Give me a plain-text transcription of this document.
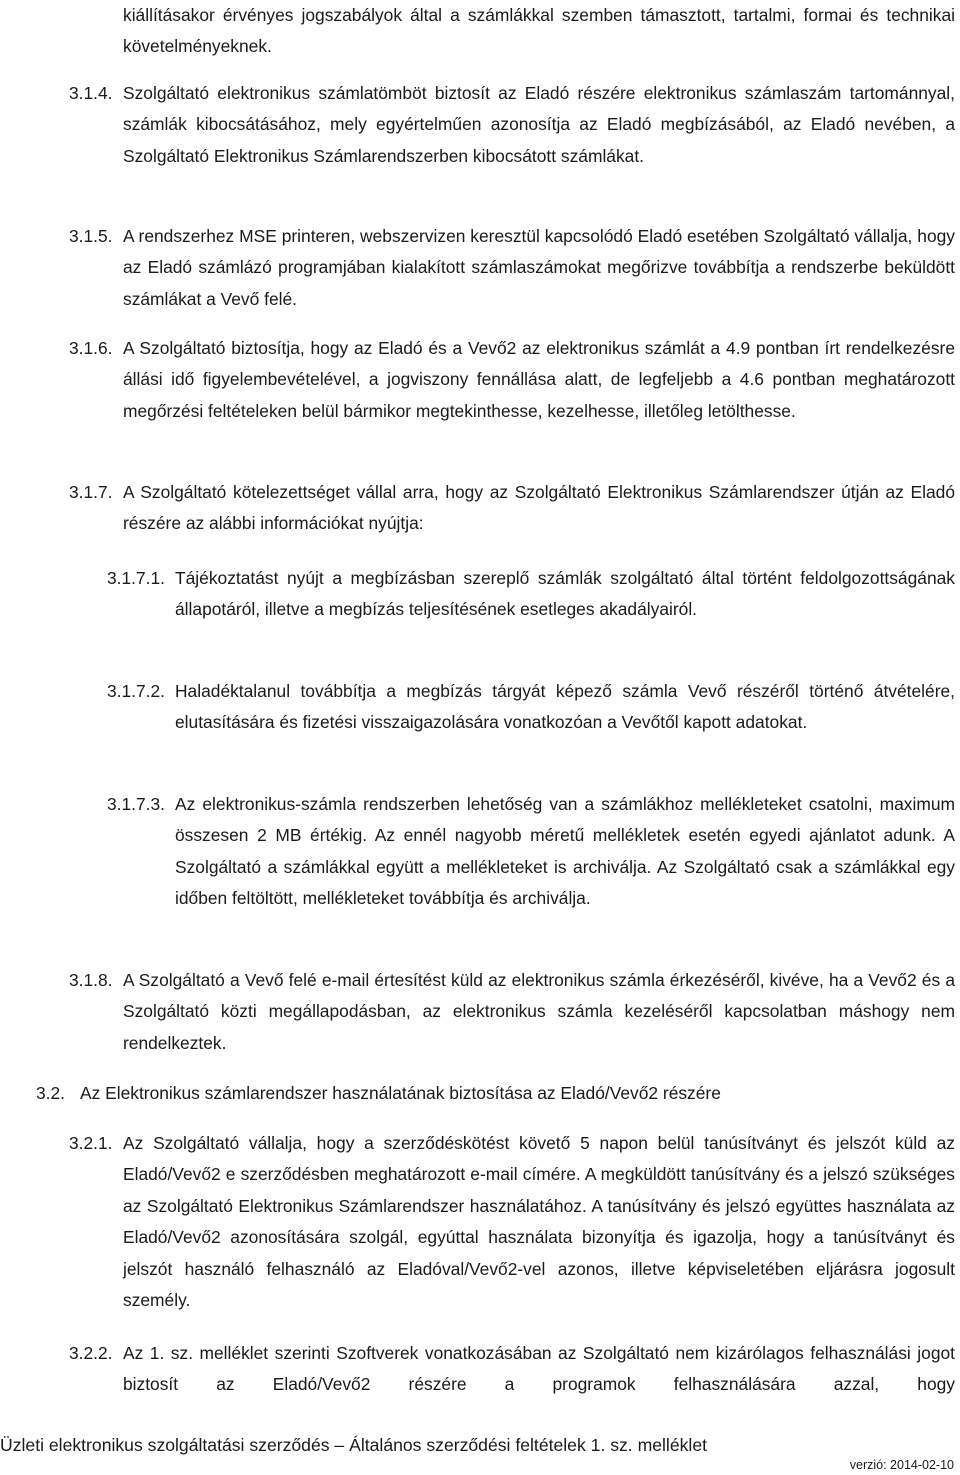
kiállításakor érvényes jogszabályok által a számlákkal szemben támasztott, tartalmi, formai és technikai követelményeknek.
3.1.4. Szolgáltató elektronikus számlatömböt biztosít az Eladó részére elektronikus számlaszám tartománnyal, számlák kibocsátásához, mely egyértelműen azonosítja az Eladó megbízásából, az Eladó nevében, a Szolgáltató Elektronikus Számlarendszerben kibocsátott számlákat.
3.1.5. A rendszerhez MSE printeren, webszervizen keresztül kapcsolódó Eladó esetében Szolgáltató vállalja, hogy az Eladó számlázó programjában kialakított számlaszámokat megőrizve továbbítja a rendszerbe beküldött számlákat a Vevő felé.
3.1.6. A Szolgáltató biztosítja, hogy az Eladó és a Vevő2 az elektronikus számlát a 4.9 pontban írt rendelkezésre állási idő figyelembevételével, a jogviszony fennállása alatt, de legfeljebb a 4.6 pontban meghatározott megőrzési feltételeken belül bármikor megtekinthesse, kezelhesse, illetőleg letölthesse.
3.1.7. A Szolgáltató kötelezettséget vállal arra, hogy az Szolgáltató Elektronikus Számlarendszer útján az Eladó részére az alábbi információkat nyújtja:
3.1.7.1. Tájékoztatást nyújt a megbízásban szereplő számlák szolgáltató által történt feldolgozottságának állapotáról, illetve a megbízás teljesítésének esetleges akadályairól.
3.1.7.2. Haladéktalanul továbbítja a megbízás tárgyát képező számla Vevő részéről történő átvételére, elutasítására és fizetési visszaigazolására vonatkozóan a Vevőtől kapott adatokat.
3.1.7.3. Az elektronikus-számla rendszerben lehetőség van a számlákhoz mellékleteket csatolni, maximum összesen 2 MB értékig. Az ennél nagyobb méretű mellékletek esetén egyedi ajánlatot adunk. A Szolgáltató a számlákkal együtt a mellékleteket is archiválja. Az Szolgáltató csak a számlákkal egy időben feltöltött, mellékleteket továbbítja és archiválja.
3.1.8. A Szolgáltató a Vevő felé e-mail értesítést küld az elektronikus számla érkezéséről, kivéve, ha a Vevő2 és a Szolgáltató közti megállapodásban, az elektronikus számla kezeléséről kapcsolatban máshogy nem rendelkeztek.
3.2. Az Elektronikus számlarendszer használatának biztosítása az Eladó/Vevő2 részére
3.2.1. Az Szolgáltató vállalja, hogy a szerződéskötést követő 5 napon belül tanúsítványt és jelszót küld az Eladó/Vevő2 e szerződésben meghatározott e-mail címére. A megküldött tanúsítvány és a jelszó szükséges az Szolgáltató Elektronikus Számlarendszer használatához. A tanúsítvány és jelszó együttes használata az Eladó/Vevő2 azonosítására szolgál, egyúttal használata bizonyítja és igazolja, hogy a tanúsítványt és jelszót használó felhasználó az Eladóval/Vevő2-vel azonos, illetve képviseletében eljárásra jogosult személy.
3.2.2. Az 1. sz. melléklet szerinti Szoftverek vonatkozásában az Szolgáltató nem kizárólagos felhasználási jogot biztosít az Eladó/Vevő2 részére a programok felhasználására azzal, hogy
Üzleti elektronikus szolgáltatási szerződés – Általános szerződési feltételek 1. sz. melléklet
verzió: 2014-02-10
